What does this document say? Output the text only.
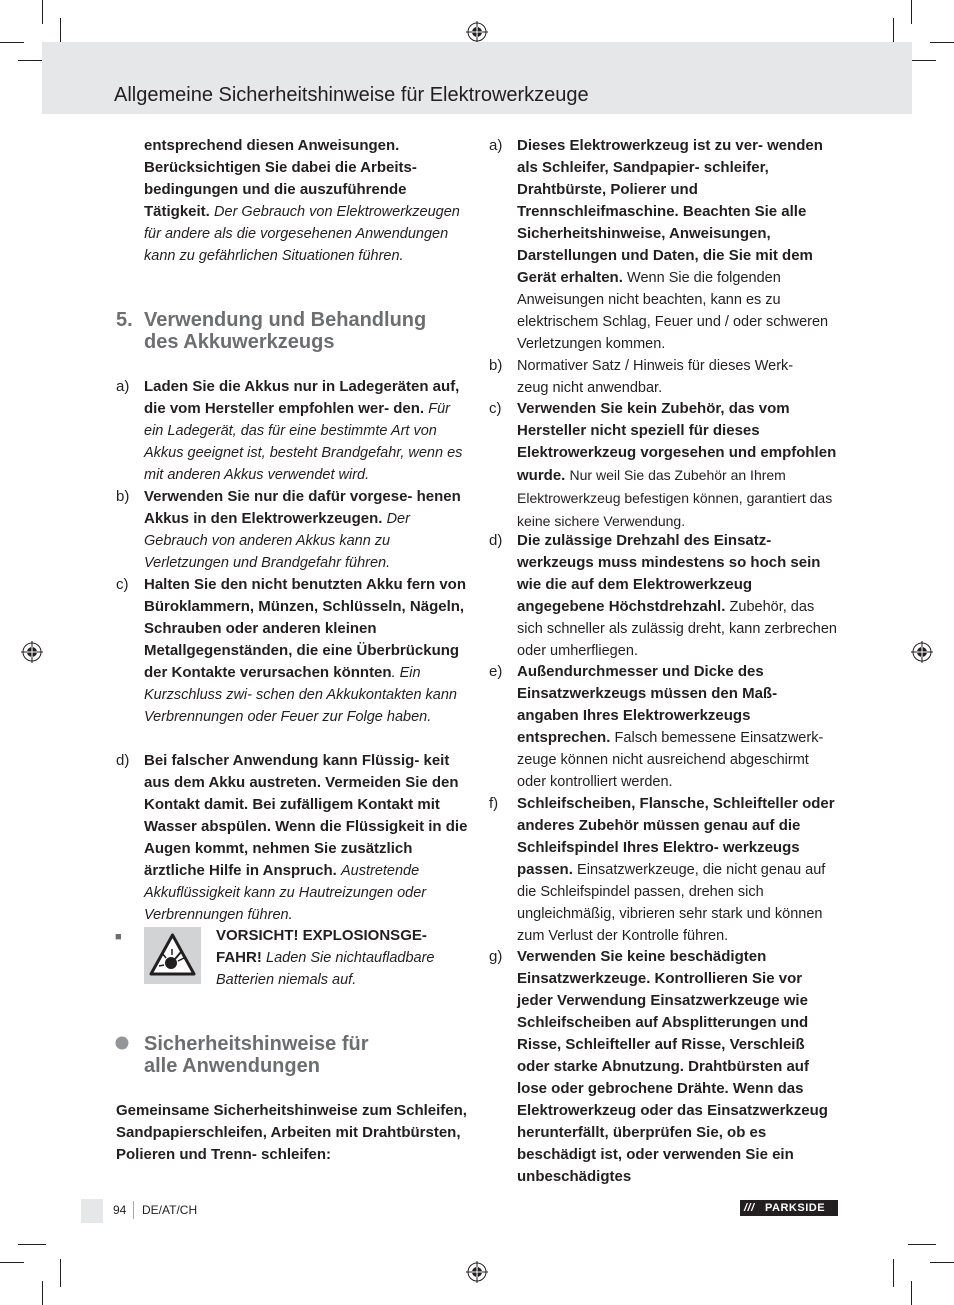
Allgemeine Sicherheitshinweise für Elektrowerkzeuge

entsprechend diesen Anweisungen. Berücksichtigen Sie dabei die Arbeits- bedingungen und die auszuführende Tätigkeit. Der Gebrauch von Elektrowerkzeugen für andere als die vorgesehenen Anwendungen kann zu gefährlichen Situationen führen.

5. Verwendung und Behandlung des Akkuwerkzeugs
a) Laden Sie die Akkus nur in Ladegeräten auf, die vom Hersteller empfohlen wer- den. Für ein Ladegerät, das für eine bestimmte Art von Akkus geeignet ist, besteht Brandgefahr, wenn es mit anderen Akkus verwendet wird.
b) Verwenden Sie nur die dafür vorgese- henen Akkus in den Elektrowerkzeugen. Der Gebrauch von anderen Akkus kann zu Verletzungen und Brandgefahr führen.
c) Halten Sie den nicht benutzten Akku fern von Büroklammern, Münzen, Schlüsseln, Nägeln, Schrauben oder anderen kleinen Metallgegenständen, die eine Überbrückung der Kontakte verursachen könnten. Ein Kurzschluss zwi- schen den Akkukontakten kann Verbrennungen oder Feuer zur Folge haben.
d) Bei falscher Anwendung kann Flüssig- keit aus dem Akku austreten. Vermeiden Sie den Kontakt damit. Bei zufälligem Kontakt mit Wasser abspülen. Wenn die Flüssigkeit in die Augen kommt, nehmen Sie zusätzlich ärztliche Hilfe in Anspruch. Austretende Akkuflüssigkeit kann zu Hautreizungen oder Verbrennungen führen.
■	VORSICHT! EXPLOSIONSGE- FAHR! Laden Sie nichtaufladbare Batterien niemals auf.

Sicherheitshinweise für alle Anwendungen

Gemeinsame Sicherheitshinweise zum Schleifen, Sandpapierschleifen, Arbeiten mit Drahtbürsten, Polieren und Trenn- schleifen:

a) Dieses Elektrowerkzeug ist zu ver- wenden als Schleifer, Sandpapier- schleifer, Drahtbürste, Polierer und Trennschleifmaschine. Beachten Sie alle Sicherheitshinweise, Anweisungen, Darstellungen und Daten, die Sie mit dem Gerät erhalten. Wenn Sie die folgenden Anweisungen nicht beachten, kann es zu elektrischem Schlag, Feuer und / oder schweren Verletzungen kommen.
b) Normativer Satz / Hinweis für dieses Werk- zeug nicht anwendbar.
c) Verwenden Sie kein Zubehör, das vom Hersteller nicht speziell für dieses Elektrowerkzeug vorgesehen und empfohlen wurde. Nur weil Sie das Zubehör an Ihrem Elektrowerkzeug befestigen können, garantiert das keine sichere Verwendung.
d) Die zulässige Drehzahl des Einsatz- werkzeugs muss mindestens so hoch sein wie die auf dem Elektrowerkzeug angegebene Höchstdrehzahl. Zubehör, das sich schneller als zulässig dreht, kann zerbrechen oder umherfliegen.
e) Außendurchmesser und Dicke des Einsatzwerkzeugs müssen den Maß- angaben Ihres Elektrowerkzeugs entsprechen. Falsch bemessene Einsatzwerk- zeuge können nicht ausreichend abgeschirmt oder kontrolliert werden.
f) Schleifscheiben, Flansche, Schleifteller oder anderes Zubehör müssen genau auf die Schleifspindel Ihres Elektro- werkzeugs passen. Einsatzwerkzeuge, die nicht genau auf die Schleifspindel passen, drehen sich ungleichmäßig, vibrieren sehr stark und können zum Verlust der Kontrolle führen.
g) Verwenden Sie keine beschädigten Einsatzwerkzeuge. Kontrollieren Sie vor jeder Verwendung Einsatzwerkzeuge wie Schleifscheiben auf Absplitterungen und Risse, Schleifteller auf Risse, Verschleiß oder starke Abnutzung. Drahtbürsten auf lose oder gebrochene Drähte. Wenn das Elektrowerkzeug oder das Einsatzwerkzeug herunterfällt, überprüfen Sie, ob es beschädigt ist, oder verwenden Sie ein unbeschädigtes
94 DE/AT/CH	/// PARKSIDE
